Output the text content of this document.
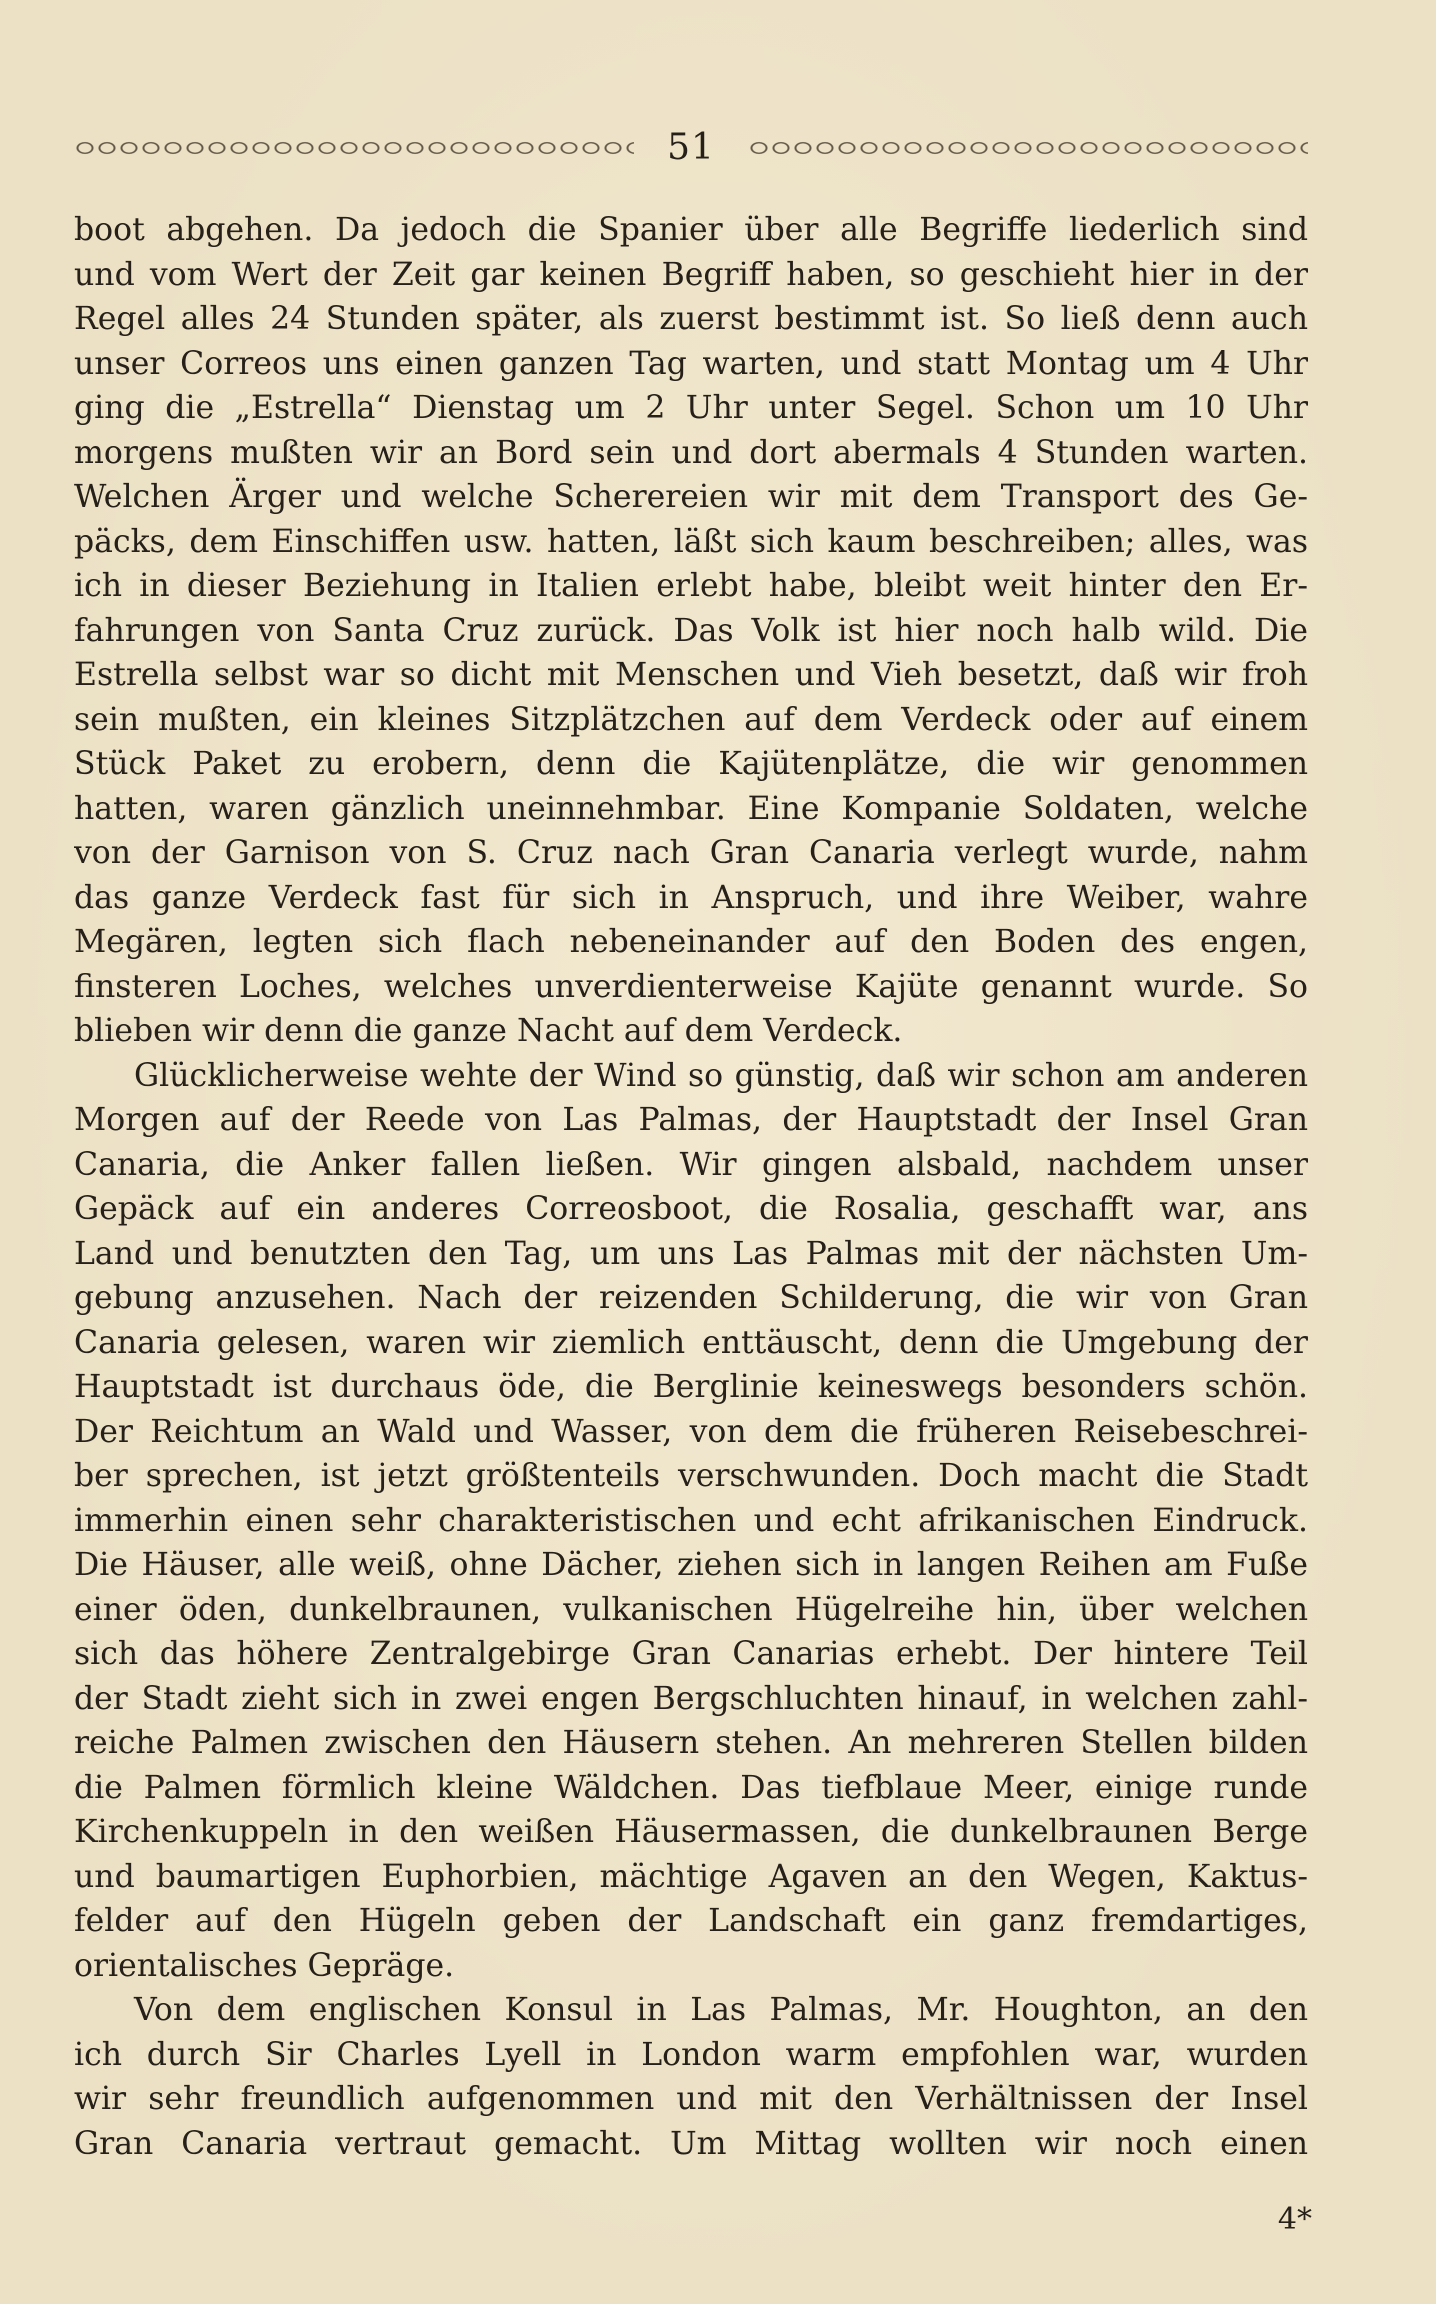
51
boot abgehen. Da jedoch die Spanier über alle Begriffe liederlich sind
und vom Wert der Zeit gar keinen Begriff haben, so geschieht hier in der
Regel alles 24 Stunden später, als zuerst bestimmt ist. So ließ denn auch
unser Correos uns einen ganzen Tag warten, und statt Montag um 4 Uhr
ging die „Estrella“ Dienstag um 2 Uhr unter Segel. Schon um 10 Uhr
morgens mußten wir an Bord sein und dort abermals 4 Stunden warten.
Welchen Ärger und welche Scherereien wir mit dem Transport des Ge-
päcks, dem Einschiffen usw. hatten, läßt sich kaum beschreiben; alles, was
ich in dieser Beziehung in Italien erlebt habe, bleibt weit hinter den Er-
fahrungen von Santa Cruz zurück. Das Volk ist hier noch halb wild. Die
Estrella selbst war so dicht mit Menschen und Vieh besetzt, daß wir froh
sein mußten, ein kleines Sitzplätzchen auf dem Verdeck oder auf einem
Stück Paket zu erobern, denn die Kajütenplätze, die wir genommen
hatten, waren gänzlich uneinnehmbar. Eine Kompanie Soldaten, welche
von der Garnison von S. Cruz nach Gran Canaria verlegt wurde, nahm
das ganze Verdeck fast für sich in Anspruch, und ihre Weiber, wahre
Megären, legten sich flach nebeneinander auf den Boden des engen,
finsteren Loches, welches unverdienterweise Kajüte genannt wurde. So
blieben wir denn die ganze Nacht auf dem Verdeck.
Glücklicherweise wehte der Wind so günstig, daß wir schon am anderen
Morgen auf der Reede von Las Palmas, der Hauptstadt der Insel Gran
Canaria, die Anker fallen ließen. Wir gingen alsbald, nachdem unser
Gepäck auf ein anderes Correosboot, die Rosalia, geschafft war, ans
Land und benutzten den Tag, um uns Las Palmas mit der nächsten Um-
gebung anzusehen. Nach der reizenden Schilderung, die wir von Gran
Canaria gelesen, waren wir ziemlich enttäuscht, denn die Umgebung der
Hauptstadt ist durchaus öde, die Berglinie keineswegs besonders schön.
Der Reichtum an Wald und Wasser, von dem die früheren Reisebeschrei-
ber sprechen, ist jetzt größtenteils verschwunden. Doch macht die Stadt
immerhin einen sehr charakteristischen und echt afrikanischen Eindruck.
Die Häuser, alle weiß, ohne Dächer, ziehen sich in langen Reihen am Fuße
einer öden, dunkelbraunen, vulkanischen Hügelreihe hin, über welchen
sich das höhere Zentralgebirge Gran Canarias erhebt. Der hintere Teil
der Stadt zieht sich in zwei engen Bergschluchten hinauf, in welchen zahl-
reiche Palmen zwischen den Häusern stehen. An mehreren Stellen bilden
die Palmen förmlich kleine Wäldchen. Das tiefblaue Meer, einige runde
Kirchenkuppeln in den weißen Häusermassen, die dunkelbraunen Berge
und baumartigen Euphorbien, mächtige Agaven an den Wegen, Kaktus-
felder auf den Hügeln geben der Landschaft ein ganz fremdartiges,
orientalisches Gepräge.
Von dem englischen Konsul in Las Palmas, Mr. Houghton, an den
ich durch Sir Charles Lyell in London warm empfohlen war, wurden
wir sehr freundlich aufgenommen und mit den Verhältnissen der Insel
Gran Canaria vertraut gemacht. Um Mittag wollten wir noch einen
4*
